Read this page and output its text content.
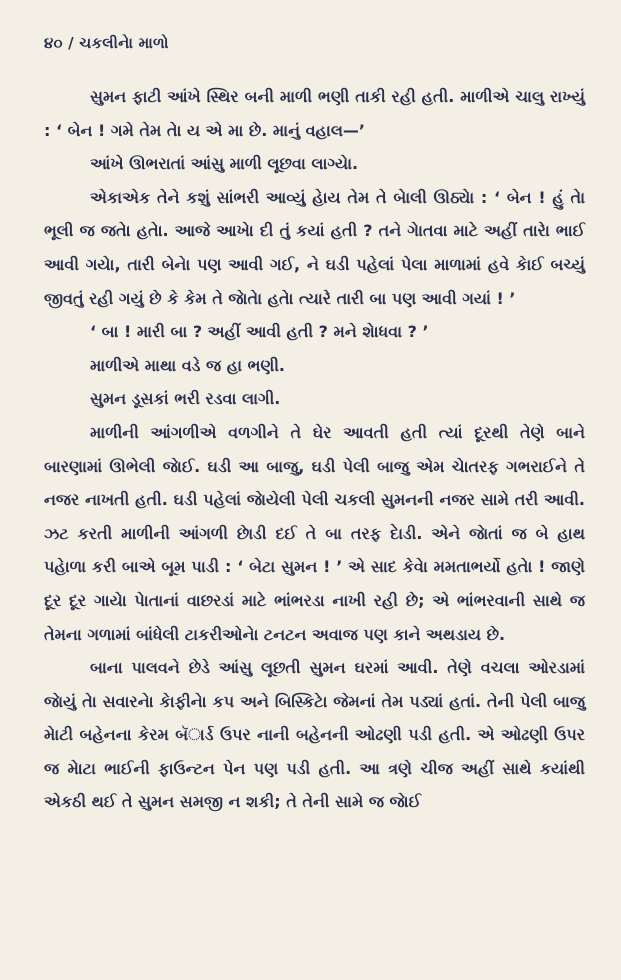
૪૦ / ચકલીનેા માળો

સુમન ફાટી આંખે સ્થિર બની માળી ભણી તાકી રહી હતી. માળીએ ચાલુ રાખ્યું : ‘ બેન ! ગમે તેમ તેા ય એ મા છે. માનું વહાલ—’

આંખે ઊભરાતાં આંસુ માળી લૂછવા લાગ્યેા.

એકાએક તેને કશું સાંભરી આવ્યું હેાય તેમ તે બેાલી ઊઠ્યેા : ‘ બેન ! હું તેા ભૂલી જ જતેા હતેા. આજે આખેા દી તું કયાં હતી ? તને ગેાતવા માટે અહીં તારેા ભાઈ આવી ગયેા, તારી બેનેા પણ આવી ગઈ, ને ઘડી પહેલાં પેલા માળામાં હવે કેાઈ બચ્યું જીવતું રહી ગયું છે કે કેમ તે જેાતેા હતેા ત્યારે તારી બા પણ આવી ગયાં ! ’

‘ બા ! મારી બા ? અહીં આવી હતી ? મને શેાધવા ? ’

માળીએ માથા વડે જ હા ભણી.

સુમન ડૂસકાં ભરી રડવા લાગી.

માળીની આંગળીએ વળગીને તે ઘેર આવતી હતી ત્યાં દૂરથી તેણે બાને બારણામાં ઊભેલી જેાઈ. ઘડી આ બાજુ, ઘડી પેલી બાજુ એમ ચેાતરફ ગભરાઈને તે નજર નાખતી હતી. ઘડી પહેલાં જેાયેલી પેલી ચકલી સુમનની નજર સામે તરી આવી. ઝટ કરતી માળીની આંગળી છેાડી દઈ તે બા તરફ દેાડી. એને જેાતાં જ બે હાથ પહેાળા કરી બાએ બૂમ પાડી : ‘ બેટા સુમન ! ’ એ સાદ કેવેા મમતાભર્યો હતેા ! જાણે દૂર દૂર ગાયેા પેાતાનાં વાછરડાં માટે ભાંભરડા નાખી રહી છે; એ ભાંભરવાની સાથે જ તેમના ગળામાં બાંધેલી ટાકરીઓનેા ટનટન અવાજ પણ કાને અથડાય છે.

બાના પાલવને છેડે આંસુ લૂછતી સુમન ઘરમાં આવી. તેણે વચલા ઓરડામાં જેાયું તેા સવારનેા કેાફીનેા કપ અને બિસ્કિટેા જેમનાં તેમ પડ્યાં હતાં. તેની પેલી બાજુ મેાટી બહેનના કેરમ બૅાર્ડ ઉપર નાની બહેનની ઓઢણી પડી હતી. એ ઓઢણી ઉપર જ મેાટા ભાઈની ફાઉન્ટન પેન પણ પડી હતી. આ ત્રણે ચીજ અહીં સાથે કયાંથી એકઠી થઈ તે સુમન સમજી ન શકી; તે તેની સામે જ જેાઈ
